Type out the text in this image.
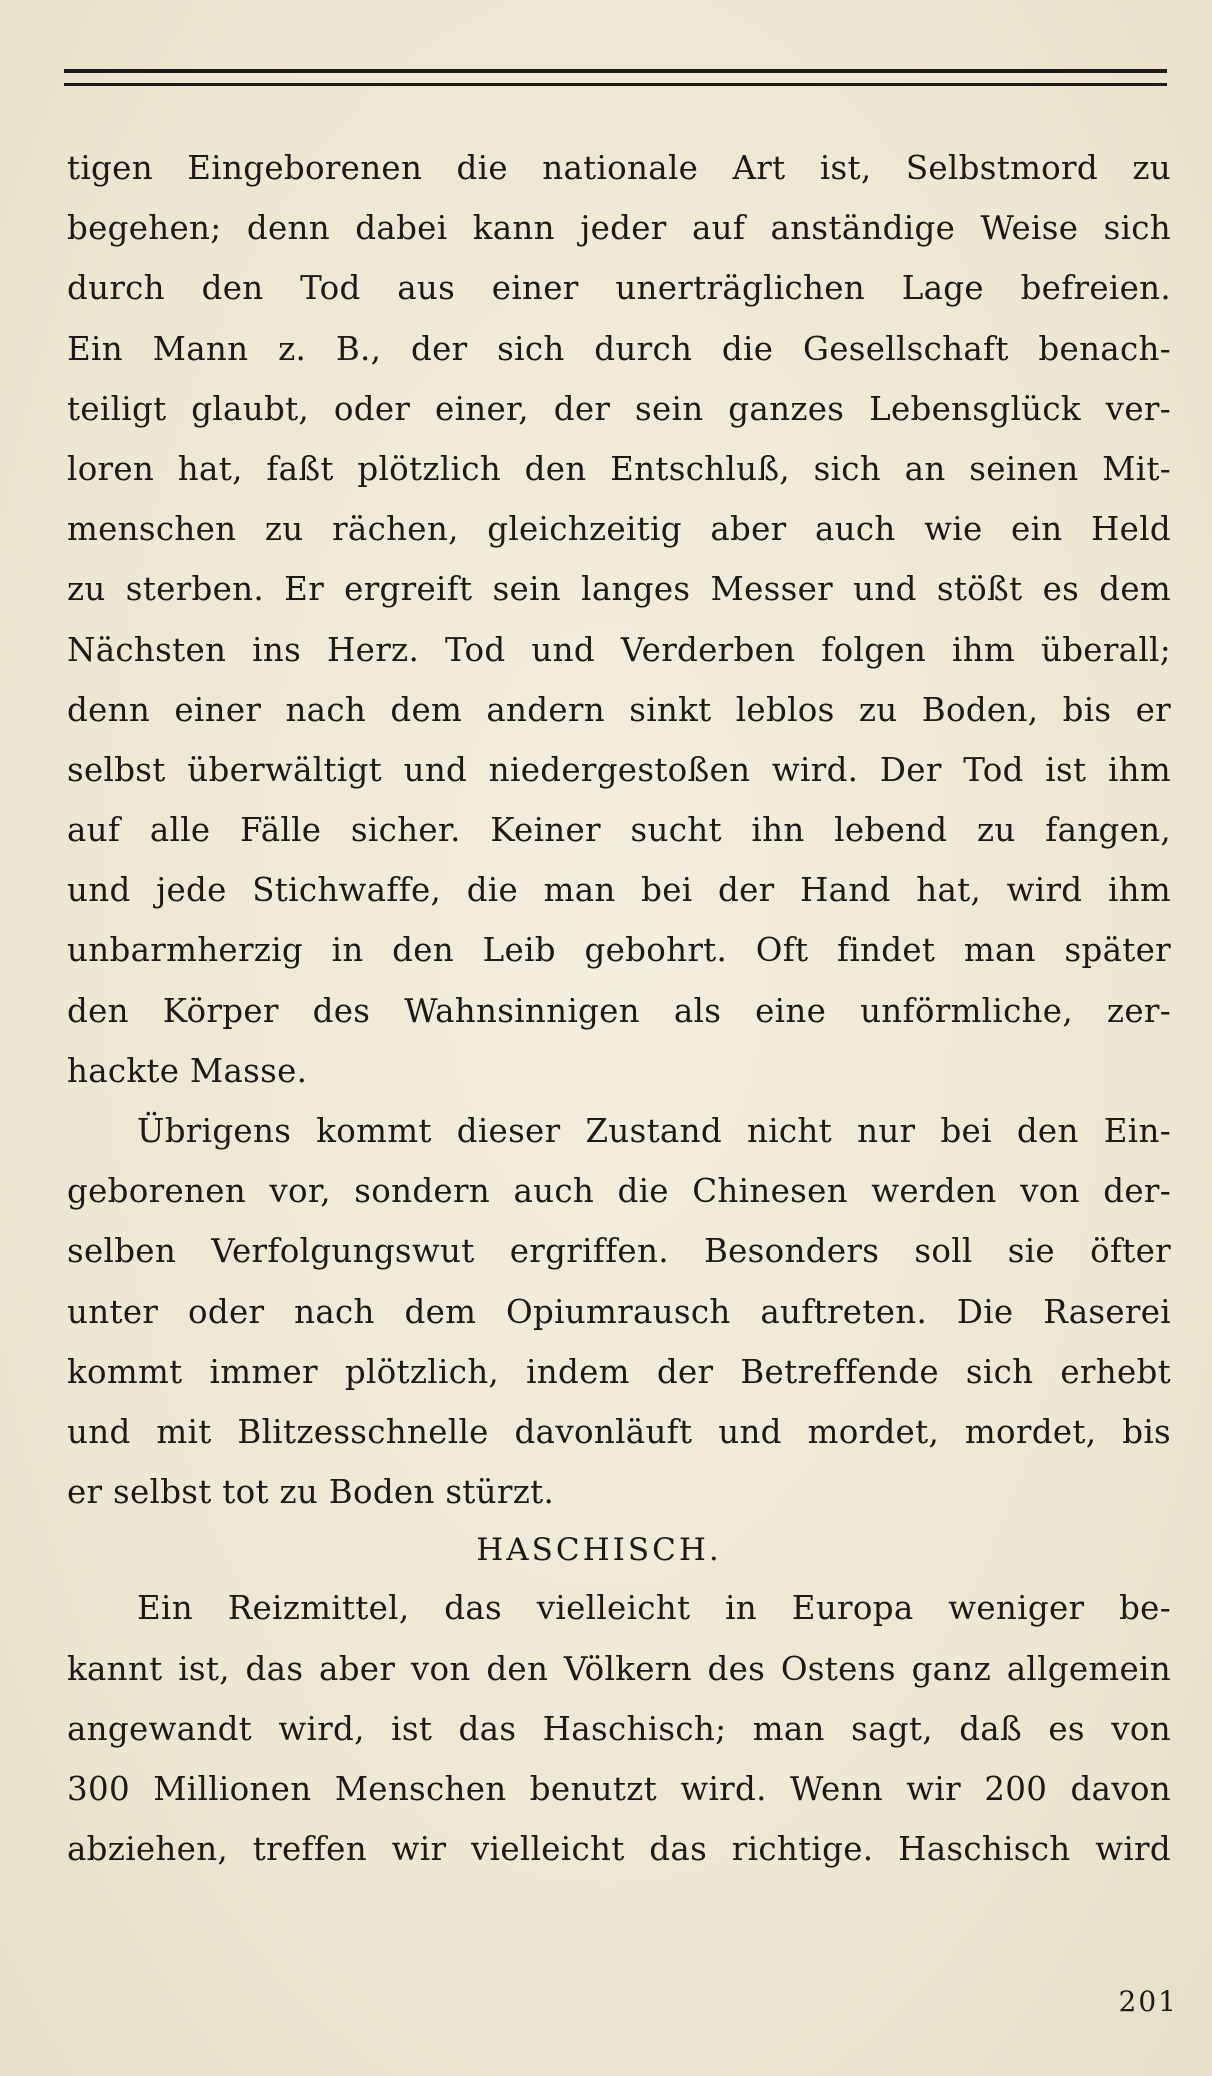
tigen Eingeborenen die nationale Art ist, Selbstmord zu
begehen; denn dabei kann jeder auf anständige Weise sich
durch den Tod aus einer unerträglichen Lage befreien.
Ein Mann z. B., der sich durch die Gesellschaft benach-
teiligt glaubt, oder einer, der sein ganzes Lebensglück ver-
loren hat, faßt plötzlich den Entschluß, sich an seinen Mit-
menschen zu rächen, gleichzeitig aber auch wie ein Held
zu sterben. Er ergreift sein langes Messer und stößt es dem
Nächsten ins Herz. Tod und Verderben folgen ihm überall;
denn einer nach dem andern sinkt leblos zu Boden, bis er
selbst überwältigt und niedergestoßen wird. Der Tod ist ihm
auf alle Fälle sicher. Keiner sucht ihn lebend zu fangen,
und jede Stichwaffe, die man bei der Hand hat, wird ihm
unbarmherzig in den Leib gebohrt. Oft findet man später
den Körper des Wahnsinnigen als eine unförmliche, zer-
hackte Masse.
Übrigens kommt dieser Zustand nicht nur bei den Ein-
geborenen vor, sondern auch die Chinesen werden von der-
selben Verfolgungswut ergriffen. Besonders soll sie öfter
unter oder nach dem Opiumrausch auftreten. Die Raserei
kommt immer plötzlich, indem der Betreffende sich erhebt
und mit Blitzesschnelle davonläuft und mordet, mordet, bis
er selbst tot zu Boden stürzt.
HASCHISCH.
Ein Reizmittel, das vielleicht in Europa weniger be-
kannt ist, das aber von den Völkern des Ostens ganz allgemein
angewandt wird, ist das Haschisch; man sagt, daß es von
300 Millionen Menschen benutzt wird. Wenn wir 200 davon
abziehen, treffen wir vielleicht das richtige. Haschisch wird
201
